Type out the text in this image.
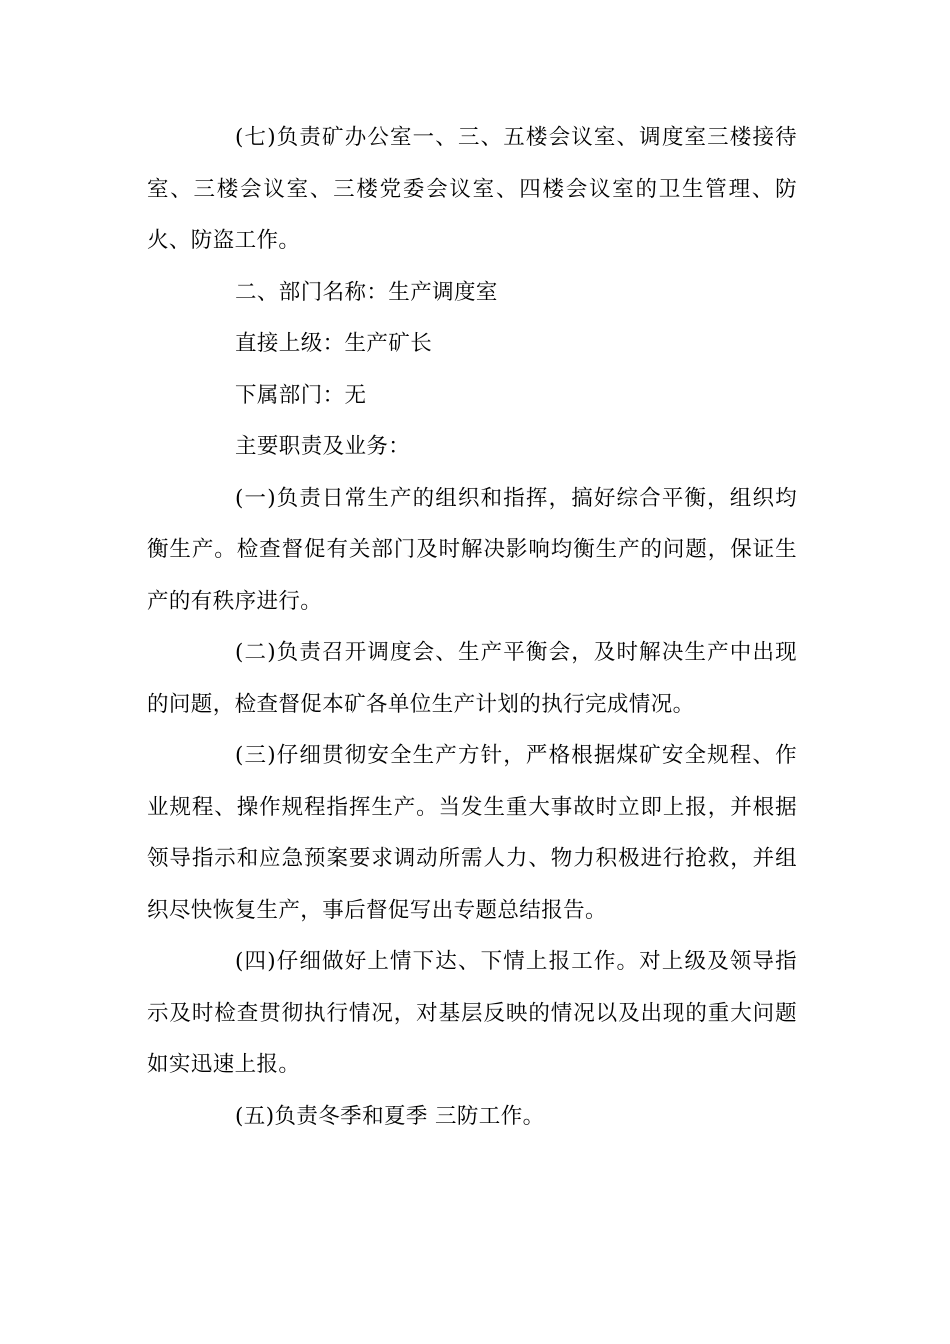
(七)负责矿办公室一、三、五楼会议室、调度室三楼接待室、三楼会议室、三楼党委会议室、四楼会议室的卫生管理、防火、防盗工作。

二、部门名称：生产调度室

直接上级：生产矿长

下属部门：无

主要职责及业务：

(一)负责日常生产的组织和指挥，搞好综合平衡，组织均衡生产。检查督促有关部门及时解决影响均衡生产的问题，保证生产的有秩序进行。

(二)负责召开调度会、生产平衡会，及时解决生产中出现的问题，检查督促本矿各单位生产计划的执行完成情况。

(三)仔细贯彻安全生产方针，严格根据煤矿安全规程、作业规程、操作规程指挥生产。当发生重大事故时立即上报，并根据领导指示和应急预案要求调动所需人力、物力积极进行抢救，并组织尽快恢复生产，事后督促写出专题总结报告。

(四)仔细做好上情下达、下情上报工作。对上级及领导指示及时检查贯彻执行情况，对基层反映的情况以及出现的重大问题如实迅速上报。

(五)负责冬季和夏季 三防工作。
